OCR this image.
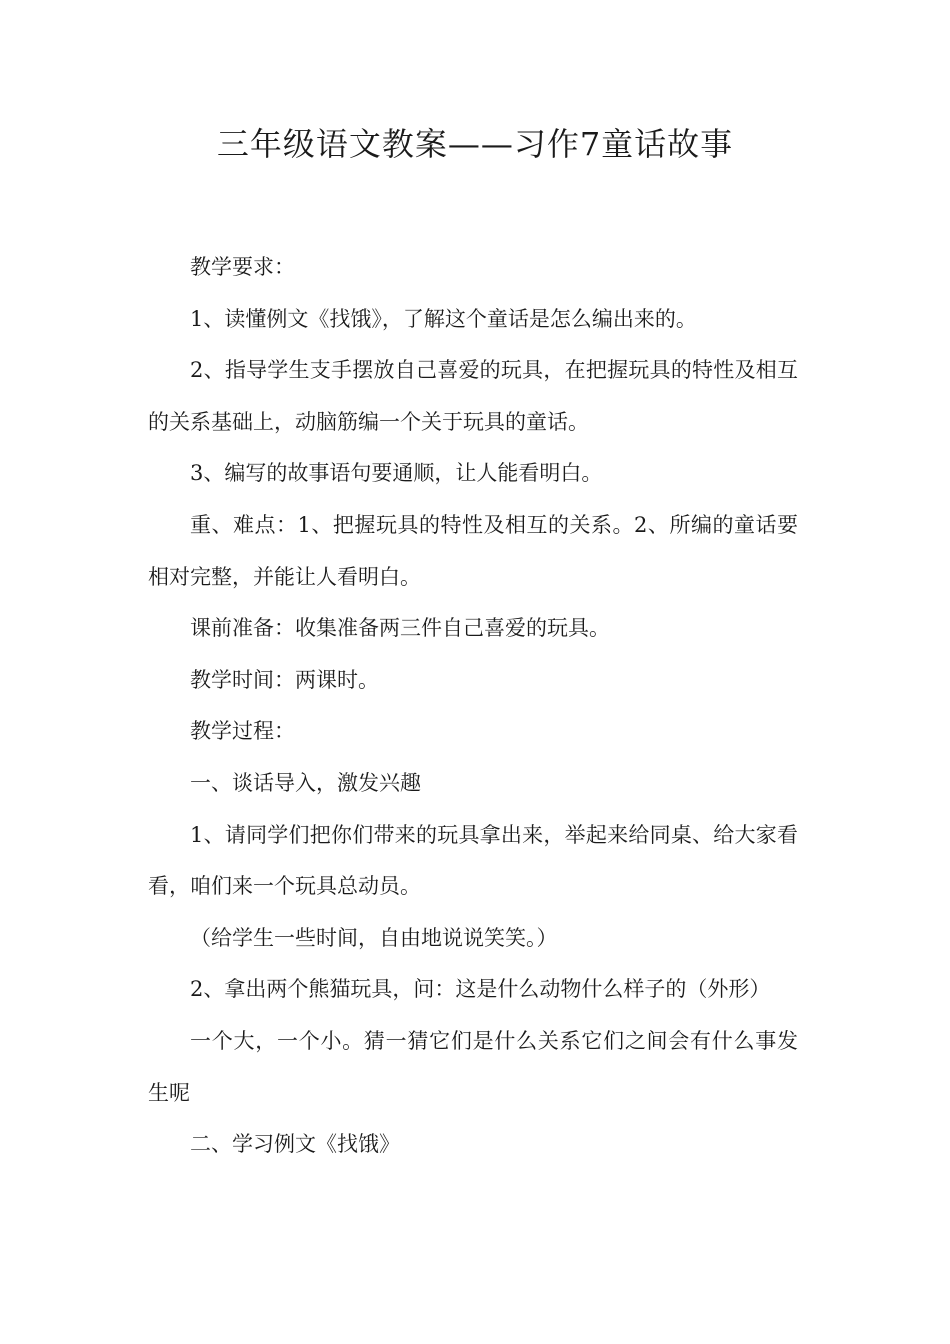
三年级语文教案——习作7童话故事

教学要求：

1、读懂例文《找饿》，了解这个童话是怎么编出来的。

2、指导学生支手摆放自己喜爱的玩具，在把握玩具的特性及相互的关系基础上，动脑筋编一个关于玩具的童话。

3、编写的故事语句要通顺，让人能看明白。

重、难点：1、把握玩具的特性及相互的关系。2、所编的童话要相对完整，并能让人看明白。

课前准备：收集准备两三件自己喜爱的玩具。

教学时间：两课时。

教学过程：

一、谈话导入，激发兴趣

1、请同学们把你们带来的玩具拿出来，举起来给同桌、给大家看看，咱们来一个玩具总动员。

（给学生一些时间，自由地说说笑笑。）

2、拿出两个熊猫玩具，问：这是什么动物什么样子的（外形）

一个大，一个小。猜一猜它们是什么关系它们之间会有什么事发生呢

二、学习例文《找饿》
